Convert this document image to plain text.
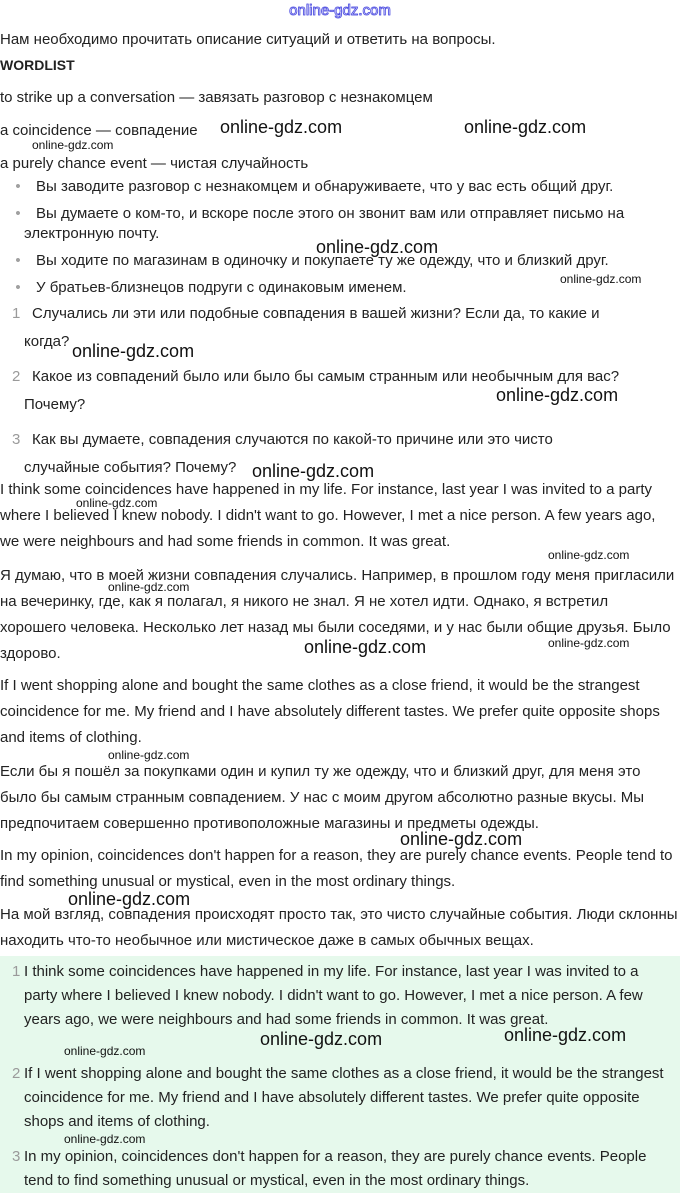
online-gdz.com
Нам необходимо прочитать описание ситуаций и ответить на вопросы.
WORDLIST
to strike up a conversation — завязать разговор с незнакомцем
a coincidence — совпадение
a purely chance event — чистая случайность
• Вы заводите разговор с незнакомцем и обнаруживаете, что у вас есть общий друг.
• Вы думаете о ком-то, и вскоре после этого он звонит вам или отправляет письмо на
электронную почту.
• Вы ходите по магазинам в одиночку и покупаете ту же одежду, что и близкий друг.
• У братьев-близнецов подруги с одинаковым именем.
1 Случались ли эти или подобные совпадения в вашей жизни? Если да, то какие и
когда?
2 Какое из совпадений было или было бы самым странным или необычным для вас?
Почему?
3 Как вы думаете, совпадения случаются по какой-то причине или это чисто
случайные события? Почему?
I think some coincidences have happened in my life. For instance, last year I was invited to a party where I believed I knew nobody. I didn't want to go. However, I met a nice person. A few years ago, we were neighbours and had some friends in common. It was great.
Я думаю, что в моей жизни совпадения случались. Например, в прошлом году меня пригласили на вечеринку, где, как я полагал, я никого не знал. Я не хотел идти. Однако, я встретил хорошего человека. Несколько лет назад мы были соседями, и у нас были общие друзья. Было здорово.
If I went shopping alone and bought the same clothes as a close friend, it would be the strangest coincidence for me. My friend and I have absolutely different tastes. We prefer quite opposite shops and items of clothing.
Если бы я пошёл за покупками один и купил ту же одежду, что и близкий друг, для меня это было бы самым странным совпадением. У нас с моим другом абсолютно разные вкусы. Мы предпочитаем совершенно противоположные магазины и предметы одежды.
In my opinion, coincidences don't happen for a reason, they are purely chance events. People tend to find something unusual or mystical, even in the most ordinary things.
На мой взгляд, совпадения происходят просто так, это чисто случайные события. Люди склонны находить что-то необычное или мистическое даже в самых обычных вещах.
1 I think some coincidences have happened in my life. For instance, last year I was invited to a party where I believed I knew nobody. I didn't want to go. However, I met a nice person. A few years ago, we were neighbours and had some friends in common. It was great.
2 If I went shopping alone and bought the same clothes as a close friend, it would be the strangest coincidence for me. My friend and I have absolutely different tastes. We prefer quite opposite shops and items of clothing.
3 In my opinion, coincidences don't happen for a reason, they are purely chance events. People tend to find something unusual or mystical, even in the most ordinary things.
online-gdz.com	online-gdz.com
online-gdz.com
online-gdz.com
online-gdz.com
online-gdz.com
online-gdz.com
online-gdz.com
online-gdz.com
online-gdz.com
online-gdz.com
online-gdz.com	online-gdz.com
online-gdz.com
online-gdz.com
online-gdz.com
online-gdz.com	online-gdz.com
online-gdz.com
online-gdz.com
